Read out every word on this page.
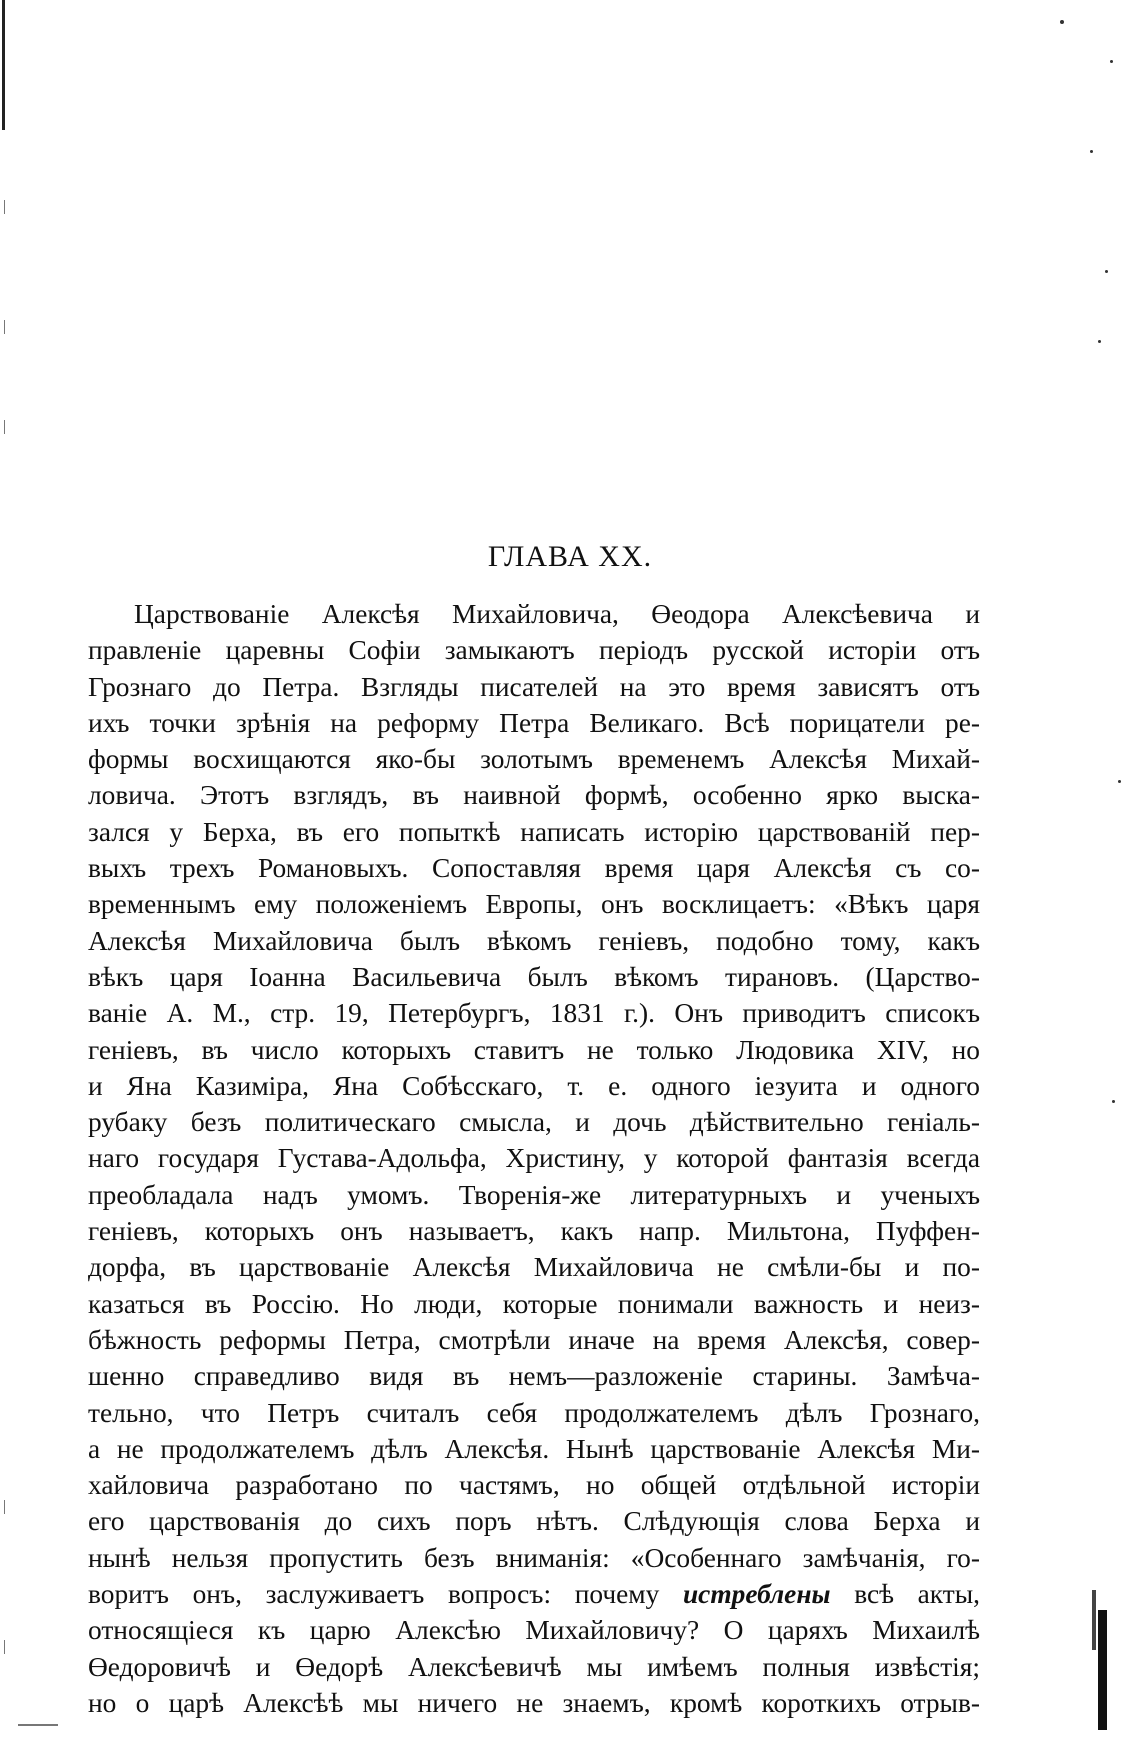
ГЛАВА XX.
Царствованіе Алексѣя Михайловича, Өеодора Алексѣевича и
правленіе царевны Софіи замыкаютъ періодъ русской исторіи отъ
Грознаго до Петра. Взгляды писателей на это время зависятъ отъ
ихъ точки зрѣнія на реформу Петра Великаго. Всѣ порицатели ре-
формы восхищаются яко-бы золотымъ временемъ Алексѣя Михай-
ловича. Этотъ взглядъ, въ наивной формѣ, особенно ярко выска-
зался у Берха, въ его попыткѣ написать исторію царствованій пер-
выхъ трехъ Романовыхъ. Сопоставляя время царя Алексѣя съ со-
временнымъ ему положеніемъ Европы, онъ восклицаетъ: «Вѣкъ царя
Алексѣя Михайловича былъ вѣкомъ геніевъ, подобно тому, какъ
вѣкъ царя Іоанна Васильевича былъ вѣкомъ тирановъ. (Царство-
ваніе А. М., стр. 19, Петербургъ, 1831 г.). Онъ приводитъ списокъ
геніевъ, въ число которыхъ ставитъ не только Людовика XIV, но
и Яна Казиміра, Яна Собѣсскаго, т. е. одного іезуита и одного
рубаку безъ политическаго смысла, и дочь дѣйствительно геніаль-
наго государя Густава-Адольфа, Христину, у которой фантазія всегда
преобладала надъ умомъ. Творенія-же литературныхъ и ученыхъ
геніевъ, которыхъ онъ называетъ, какъ напр. Мильтона, Пуффен-
дорфа, въ царствованіе Алексѣя Михайловича не смѣли-бы и по-
казаться въ Россію. Но люди, которые понимали важность и неиз-
бѣжность реформы Петра, смотрѣли иначе на время Алексѣя, совер-
шенно справедливо видя въ немъ—разложеніе старины. Замѣча-
тельно, что Петръ считалъ себя продолжателемъ дѣлъ Грознаго,
а не продолжателемъ дѣлъ Алексѣя. Нынѣ царствованіе Алексѣя Ми-
хайловича разработано по частямъ, но общей отдѣльной исторіи
его царствованія до сихъ поръ нѣтъ. Слѣдующія слова Берха и
нынѣ нельзя пропустить безъ вниманія: «Особеннаго замѣчанія, го-
воритъ онъ, заслуживаетъ вопросъ: почему истреблены всѣ акты,
относящіеся къ царю Алексѣю Михайловичу? О царяхъ Михаилѣ
Өедоровичѣ и Өедорѣ Алексѣевичѣ мы имѣемъ полныя извѣстія;
но о царѣ Алексѣѣ мы ничего не знаемъ, кромѣ короткихъ отрыв-
